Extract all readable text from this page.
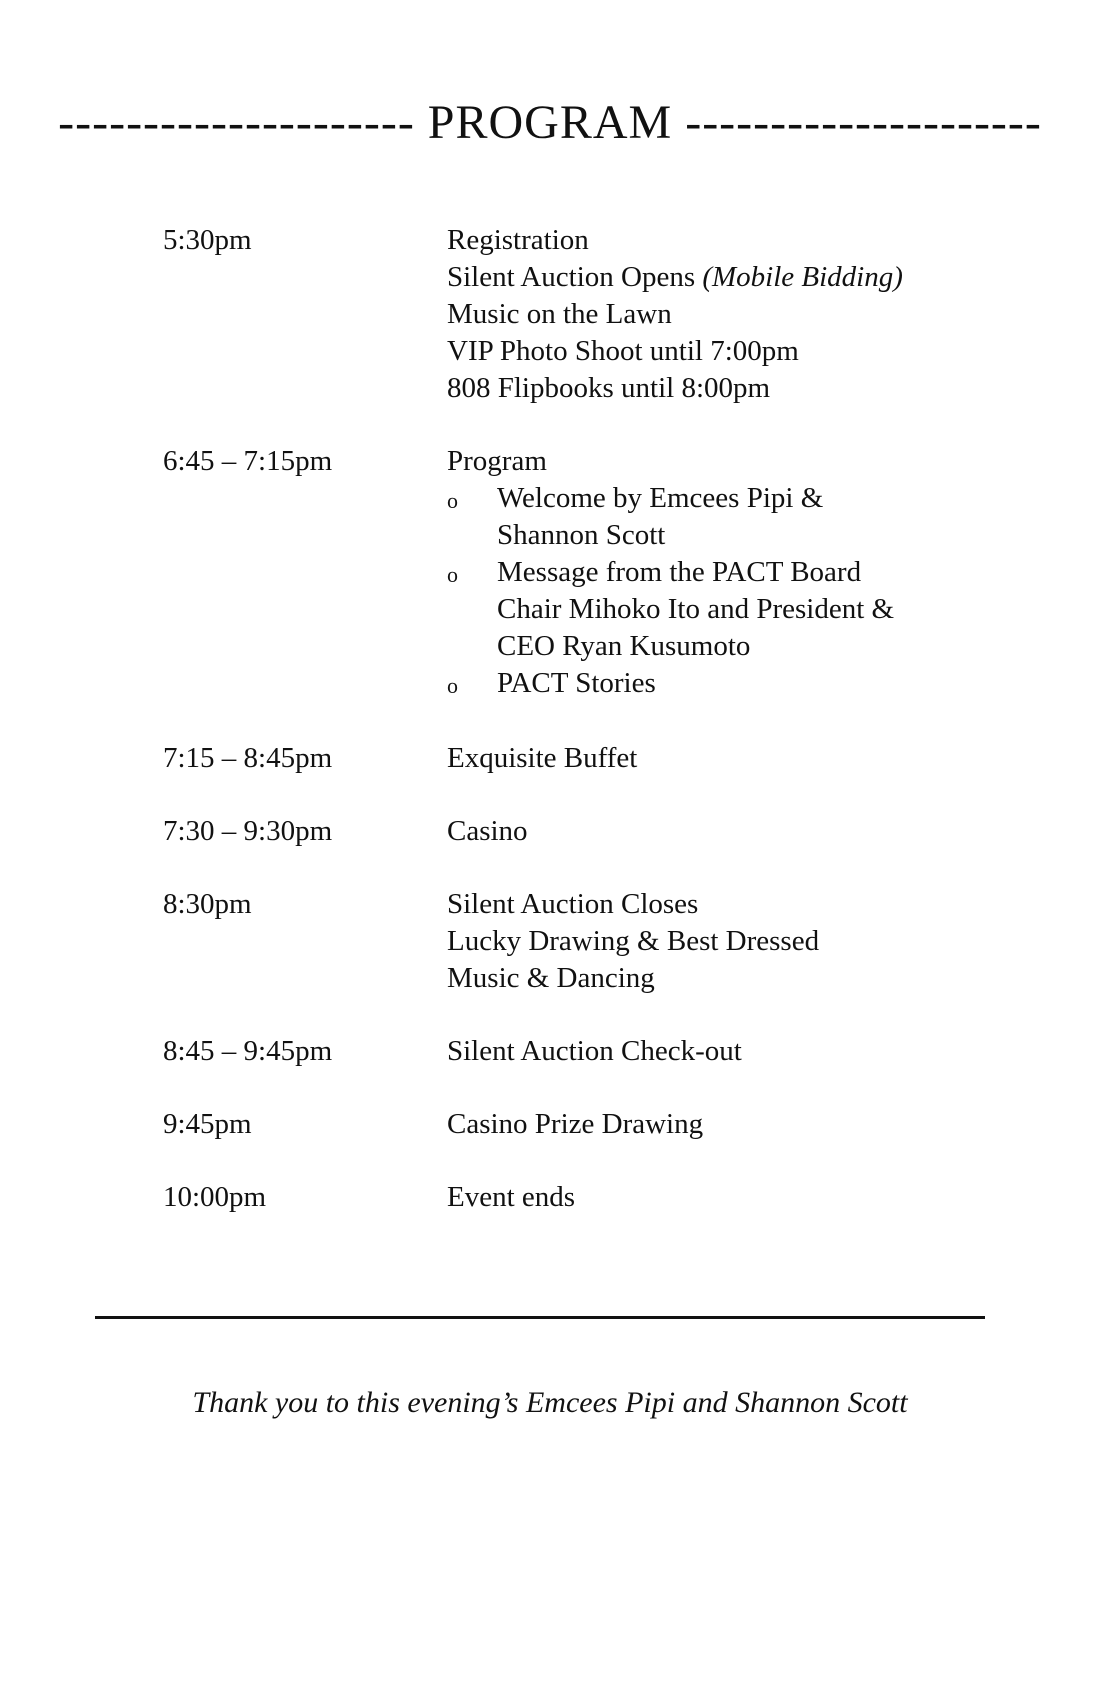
--------------------- PROGRAM ---------------------
5:30pm	Registration
Silent Auction Opens (Mobile Bidding)
Music on the Lawn
VIP Photo Shoot until 7:00pm
808 Flipbooks until 8:00pm
6:45 – 7:15pm	Program
o	Welcome by Emcees Pipi & Shannon Scott
o	Message from the PACT Board Chair Mihoko Ito and President & CEO Ryan Kusumoto
o	PACT Stories
7:15 – 8:45pm	Exquisite Buffet
7:30 – 9:30pm	Casino
8:30pm	Silent Auction Closes
Lucky Drawing & Best Dressed
Music & Dancing
8:45 – 9:45pm	Silent Auction Check-out
9:45pm	Casino Prize Drawing
10:00pm	Event ends
Thank you to this evening’s Emcees Pipi and Shannon Scott
